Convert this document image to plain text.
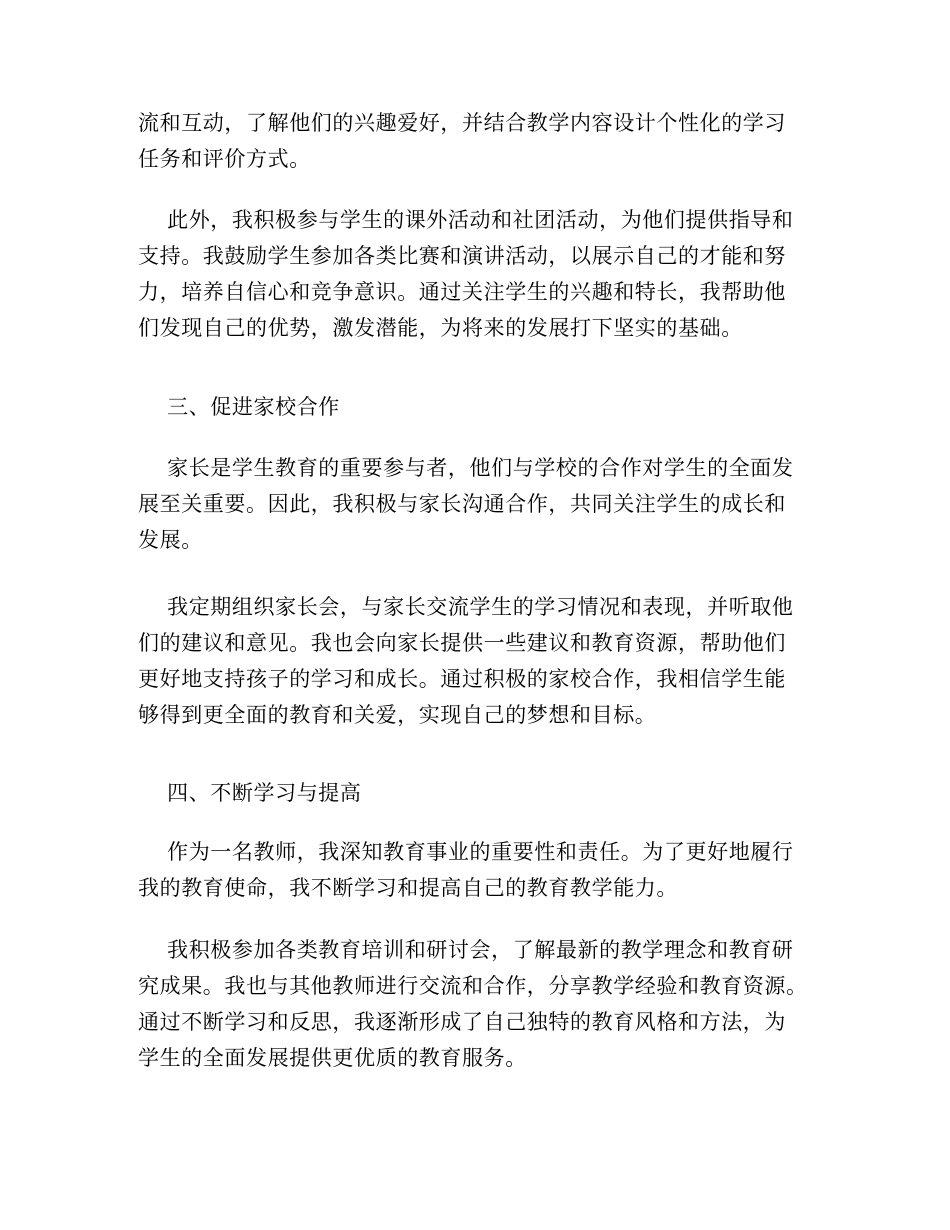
流和互动，了解他们的兴趣爱好，并结合教学内容设计个性化的学习
任务和评价方式。
此外，我积极参与学生的课外活动和社团活动，为他们提供指导和
支持。我鼓励学生参加各类比赛和演讲活动，以展示自己的才能和努
力，培养自信心和竞争意识。通过关注学生的兴趣和特长，我帮助他
们发现自己的优势，激发潜能，为将来的发展打下坚实的基础。
三、促进家校合作
家长是学生教育的重要参与者，他们与学校的合作对学生的全面发
展至关重要。因此，我积极与家长沟通合作，共同关注学生的成长和
发展。
我定期组织家长会，与家长交流学生的学习情况和表现，并听取他
们的建议和意见。我也会向家长提供一些建议和教育资源，帮助他们
更好地支持孩子的学习和成长。通过积极的家校合作，我相信学生能
够得到更全面的教育和关爱，实现自己的梦想和目标。
四、不断学习与提高
作为一名教师，我深知教育事业的重要性和责任。为了更好地履行
我的教育使命，我不断学习和提高自己的教育教学能力。
我积极参加各类教育培训和研讨会，了解最新的教学理念和教育研
究成果。我也与其他教师进行交流和合作，分享教学经验和教育资源。
通过不断学习和反思，我逐渐形成了自己独特的教育风格和方法，为
学生的全面发展提供更优质的教育服务。
